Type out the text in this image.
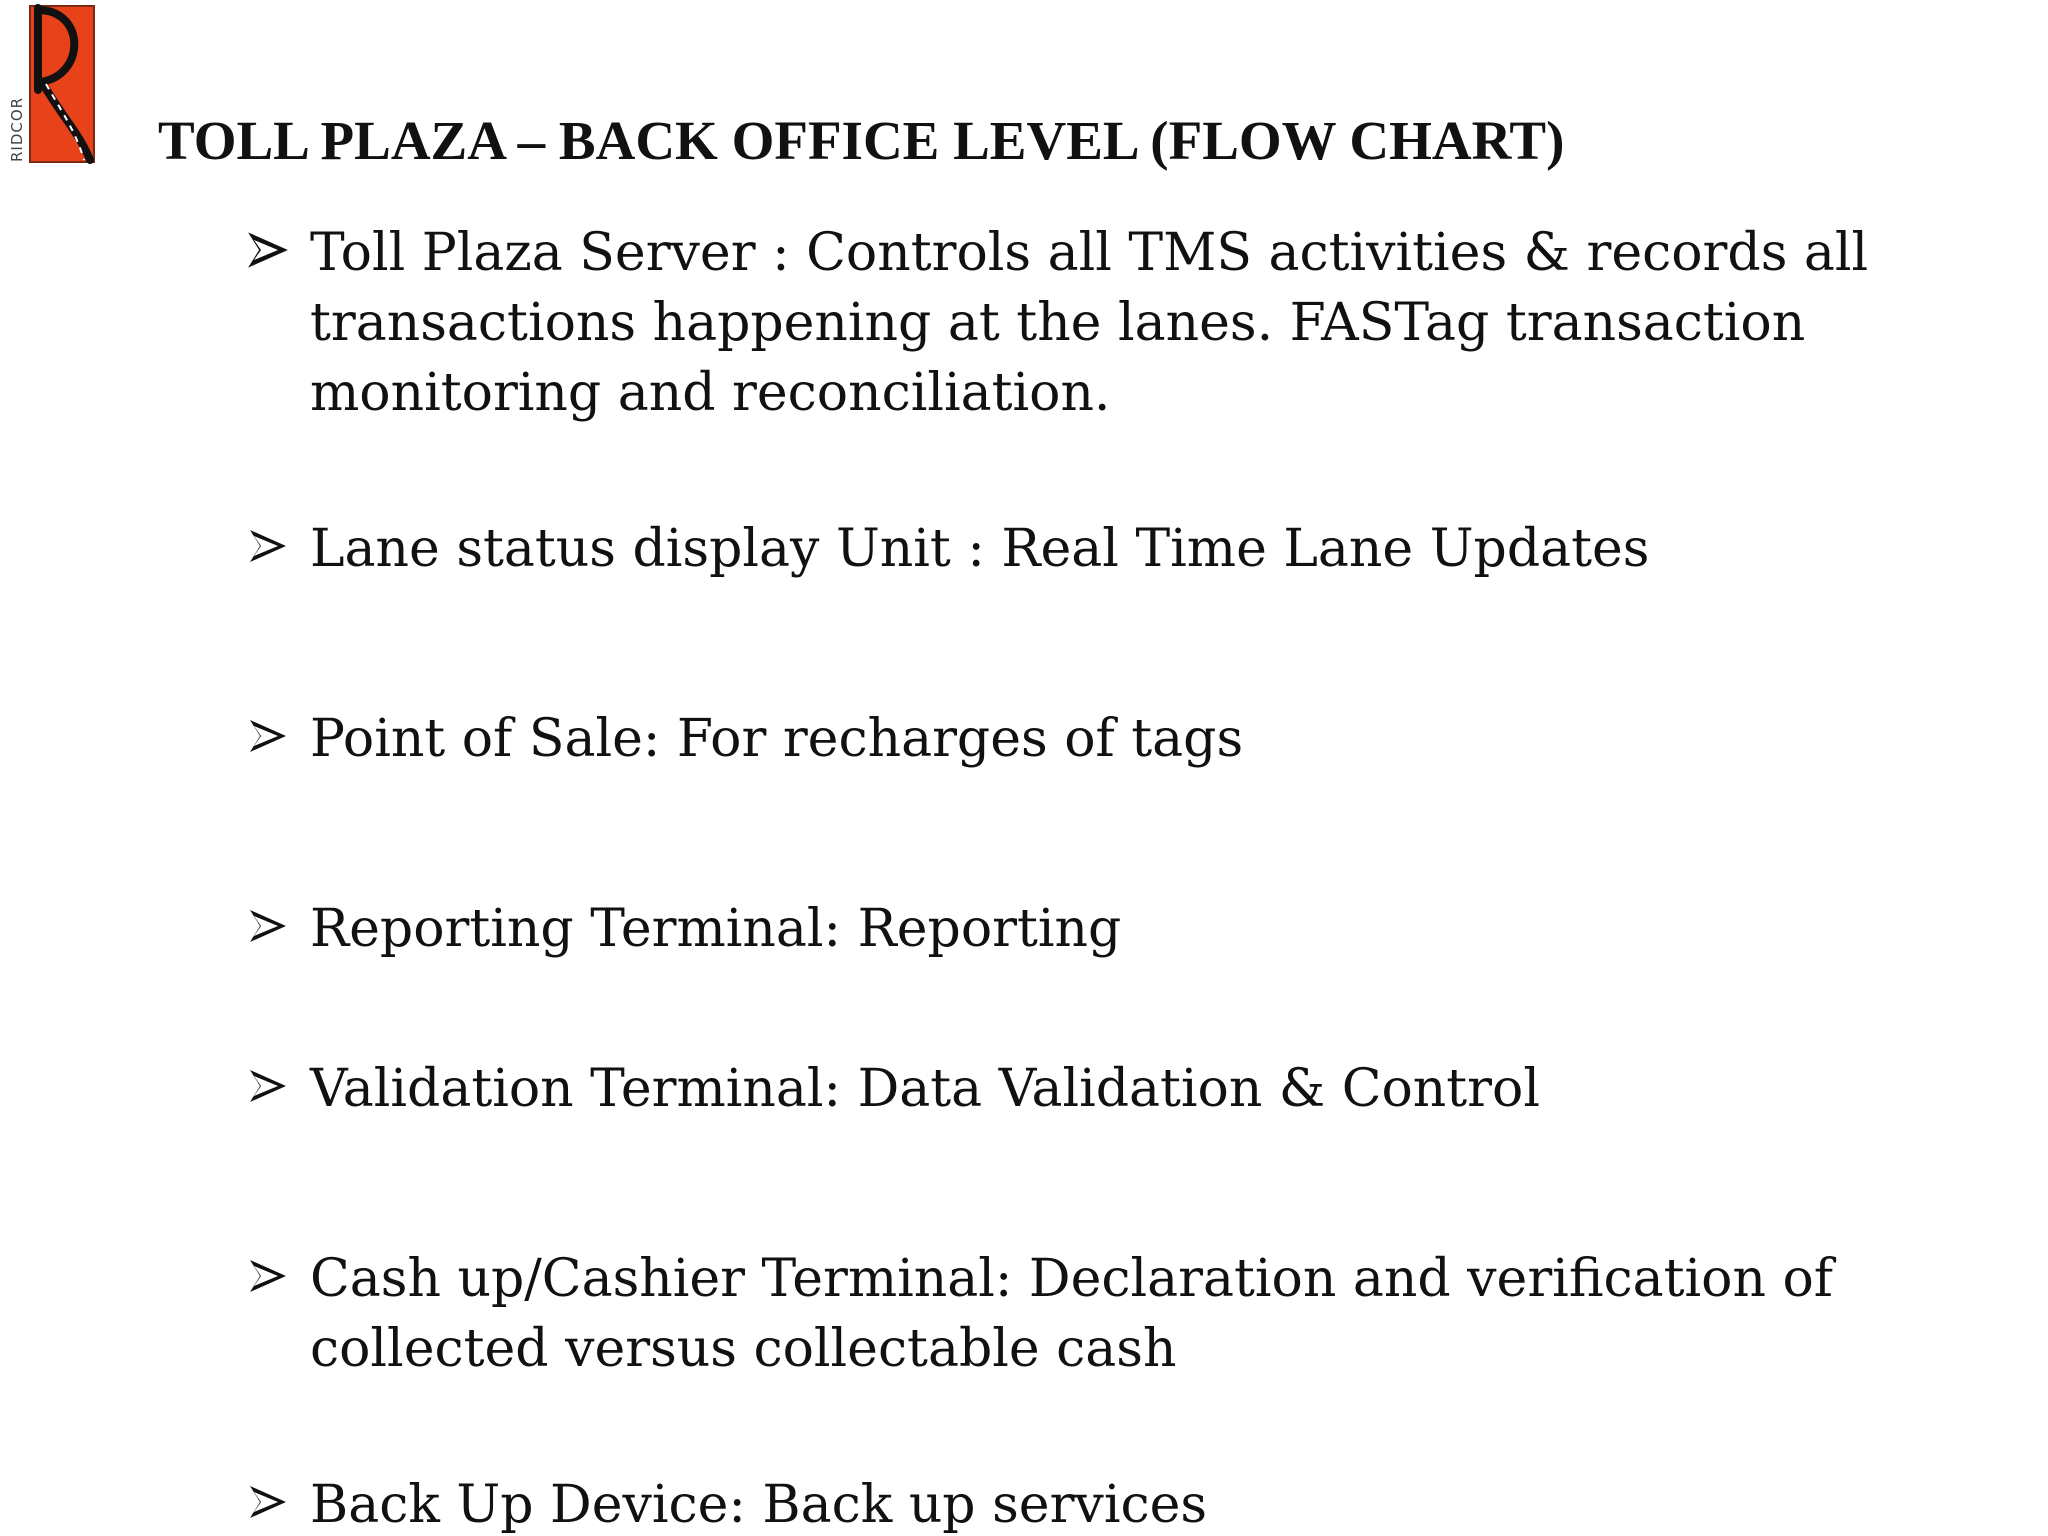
RIDCOR TOLL PLAZA – BACK OFFICE LEVEL (FLOW CHART)
Toll Plaza Server : Controls all TMS activities & records all transactions happening at the lanes. FASTag transaction monitoring and reconciliation.
Lane status display Unit : Real Time Lane Updates
Point of Sale: For recharges of tags
Reporting Terminal: Reporting
Validation Terminal: Data Validation & Control
Cash up/Cashier Terminal: Declaration and verification of collected versus collectable cash
Back Up Device: Back up services
